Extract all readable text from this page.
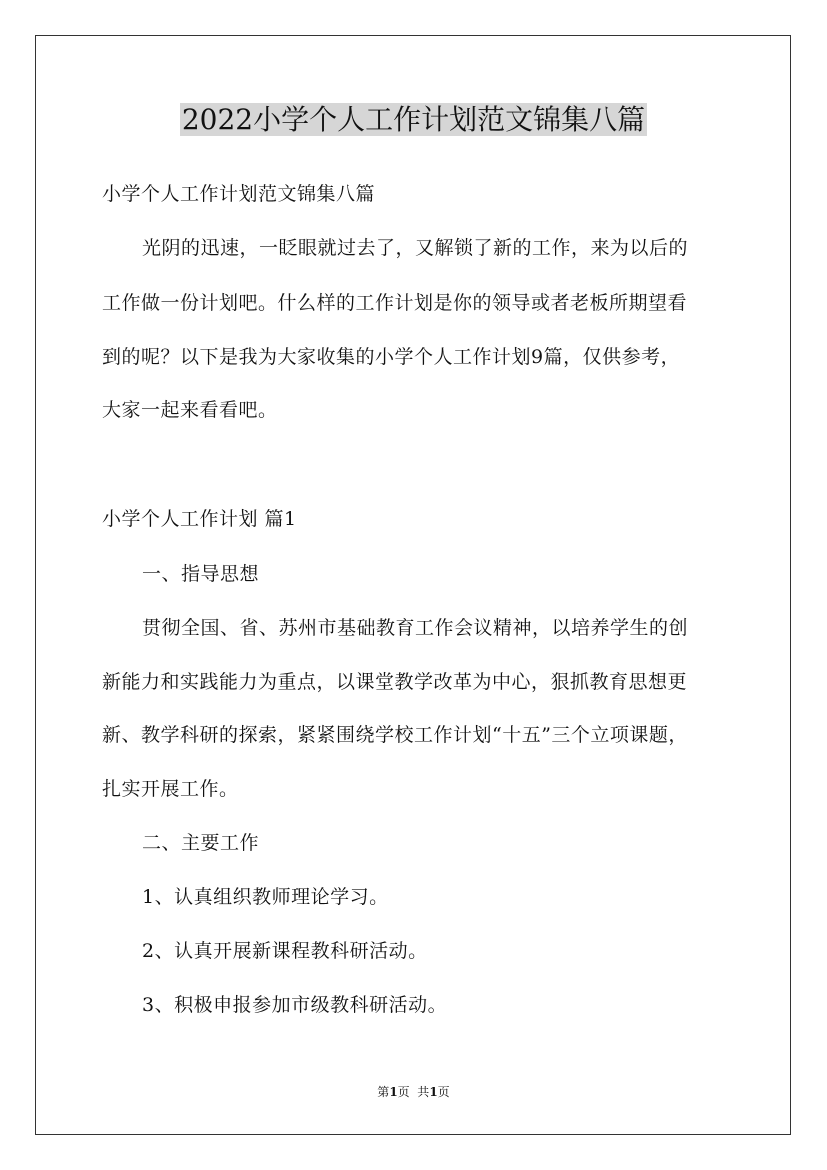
2022小学个人工作计划范文锦集八篇
小学个人工作计划范文锦集八篇
光阴的迅速，一眨眼就过去了，又解锁了新的工作，来为以后的
工作做一份计划吧。什么样的工作计划是你的领导或者老板所期望看
到的呢？以下是我为大家收集的小学个人工作计划9篇，仅供参考，
大家一起来看看吧。
小学个人工作计划 篇1
一、指导思想
贯彻全国、省、苏州市基础教育工作会议精神，以培养学生的创
新能力和实践能力为重点，以课堂教学改革为中心，狠抓教育思想更
新、教学科研的探索，紧紧围绕学校工作计划“十五”三个立项课题，
扎实开展工作。
二、主要工作
1、认真组织教师理论学习。
2、认真开展新课程教科研活动。
3、积极申报参加市级教科研活动。
第1页  共1页
